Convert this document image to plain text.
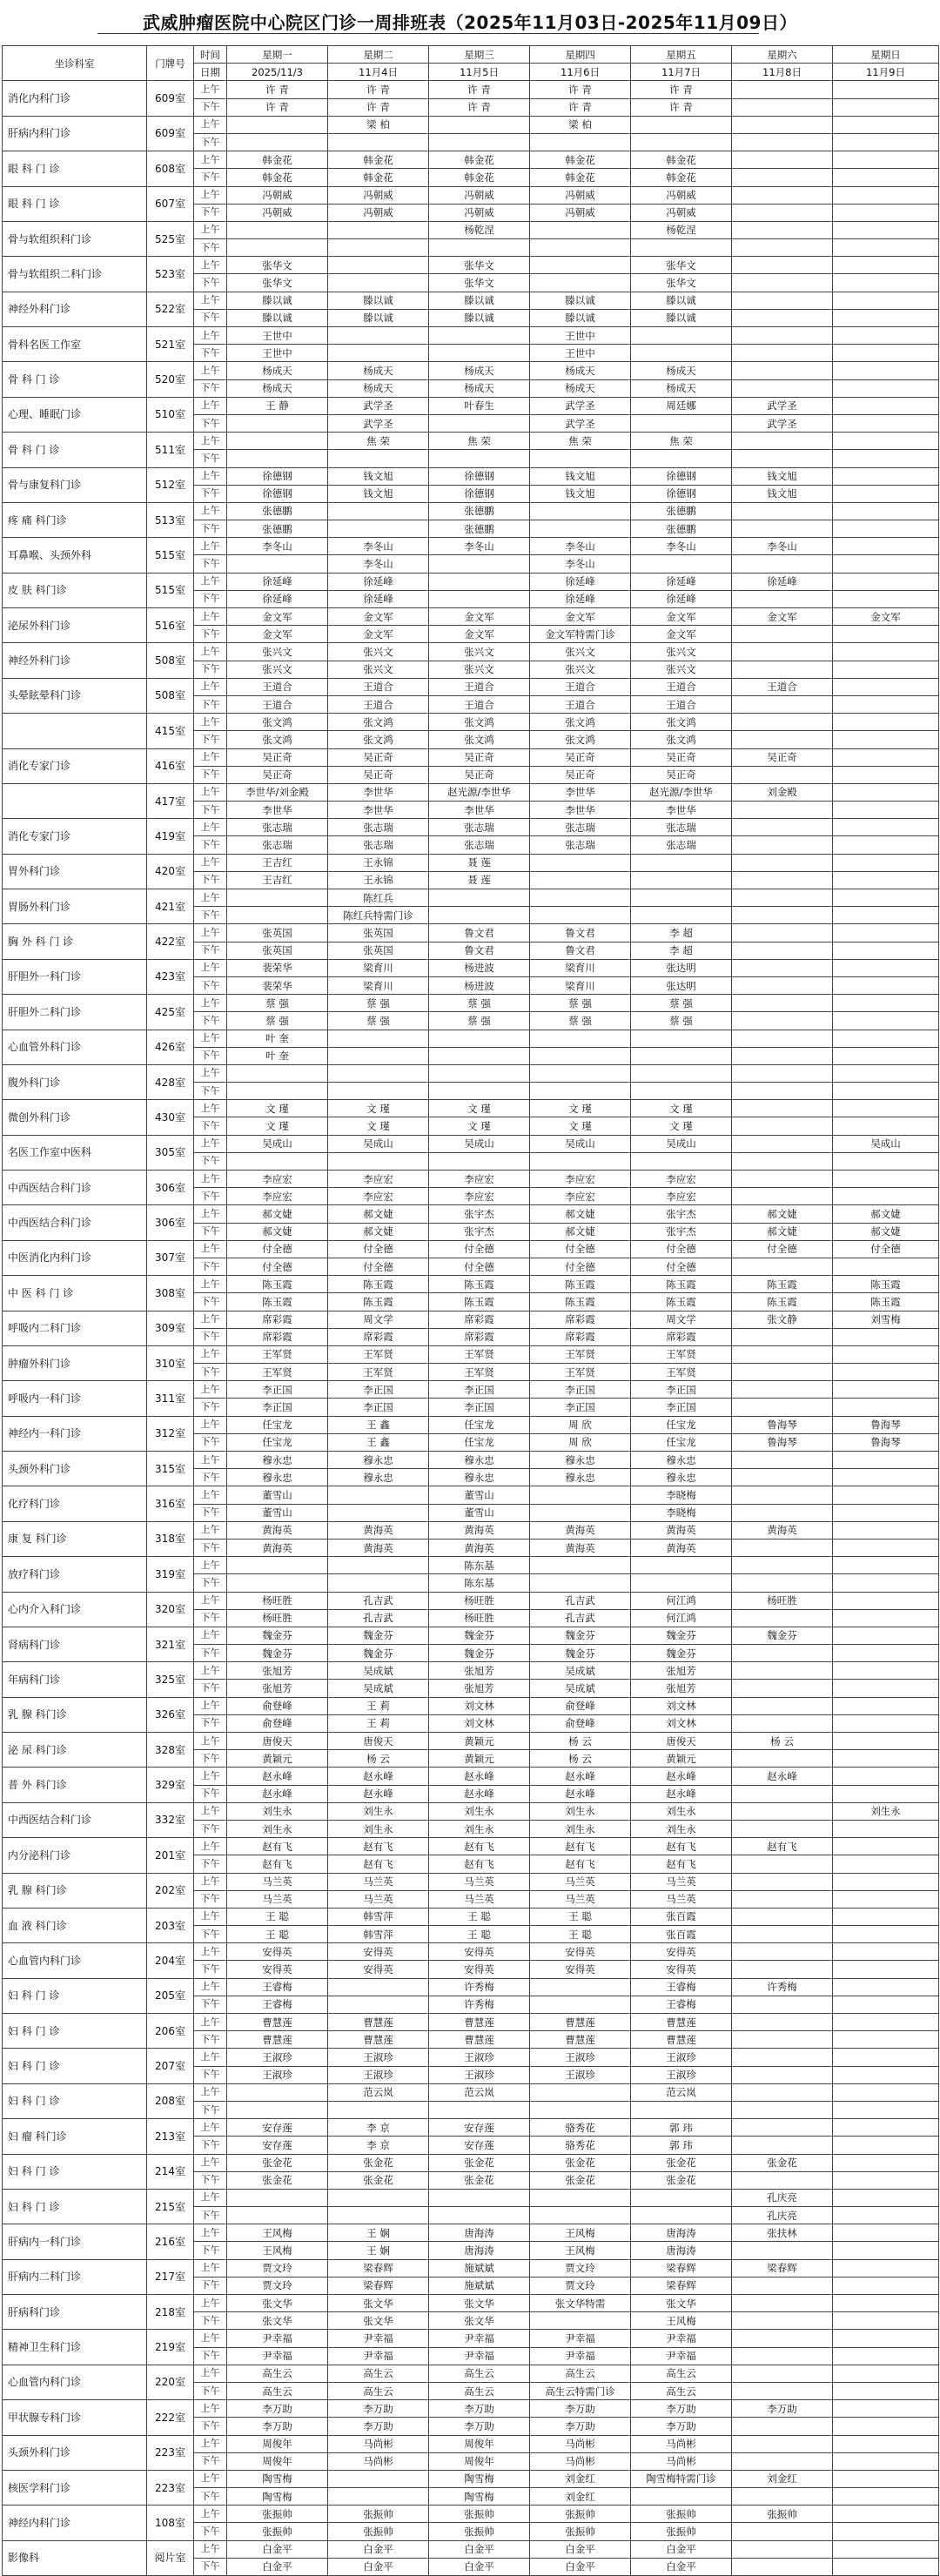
武威肿瘤医院中心院区门诊一周排班表（2025年11月03日-2025年11月09日）
坐诊科室	门牌号	时间	星期一	星期二	星期三	星期四	星期五	星期六	星期日
		日期	2025/11/3	11月4日	11月5日	11月6日	11月7日	11月8日	11月9日
消化内科门诊	609室	上午	许 青	许 青	许 青	许 青	许 青		
		下午	许 青	许 青	许 青	许 青	许 青		
肝病内科门诊	609室	上午		梁 柏		梁 柏			
		下午							
眼 科 门 诊	608室	上午	韩金花	韩金花	韩金花	韩金花	韩金花		
		下午	韩金花	韩金花	韩金花	韩金花	韩金花		
眼 科 门 诊	607室	上午	冯朝威	冯朝威	冯朝威	冯朝威	冯朝威		
		下午	冯朝威	冯朝威	冯朝威	冯朝威	冯朝威		
骨与软组织科门诊	525室	上午			杨乾涅		杨乾涅		
		下午							
骨与软组织二科门诊	523室	上午	张华文		张华文		张华文		
		下午	张华文		张华文		张华文		
神经外科门诊	522室	上午	滕以诚	滕以诚	滕以诚	滕以诚	滕以诚		
		下午	滕以诚	滕以诚	滕以诚	滕以诚	滕以诚		
骨科名医工作室	521室	上午	王世中			王世中			
		下午	王世中			王世中			
骨 科 门 诊	520室	上午	杨成天	杨成天	杨成天	杨成天	杨成天		
		下午	杨成天	杨成天	杨成天	杨成天	杨成天		
心理、睡眠门诊	510室	上午	王 静	武学圣	叶春生	武学圣	周廷娜	武学圣	
		下午		武学圣		武学圣		武学圣	
骨 科 门 诊	511室	上午		焦 荣	焦 荣	焦 荣	焦 荣		
		下午							
骨与康复科门诊	512室	上午	徐德钢	钱文旭	徐德钢	钱文旭	徐德钢	钱文旭	
		下午	徐德钢	钱文旭	徐德钢	钱文旭	徐德钢	钱文旭	
疼 痛 科门诊	513室	上午	张德鹏		张德鹏		张德鹏		
		下午	张德鹏		张德鹏		张德鹏		
耳鼻喉、头颈外科	515室	上午	李冬山	李冬山	李冬山	李冬山	李冬山	李冬山	
		下午		李冬山		李冬山			
皮 肤 科门诊	515室	上午	徐延峰	徐延峰		徐延峰	徐延峰	徐延峰	
		下午	徐延峰	徐延峰		徐延峰	徐延峰		
泌尿外科门诊	516室	上午	金文军	金文军	金文军	金文军	金文军	金文军	金文军
		下午	金文军	金文军	金文军	金文军特需门诊	金文军		
神经外科门诊	508室	上午	张兴文	张兴文	张兴文	张兴文	张兴文		
		下午	张兴文	张兴文	张兴文	张兴文	张兴文		
头晕眩晕科门诊	508室	上午	王道合	王道合	王道合	王道合	王道合	王道合	
		下午	王道合	王道合	王道合	王道合	王道合		
	415室	上午	张文鸿	张文鸿	张文鸿	张文鸿	张文鸿		
		下午	张文鸿	张文鸿	张文鸿	张文鸿	张文鸿		
消化专家门诊	416室	上午	吴正奇	吴正奇	吴正奇	吴正奇	吴正奇	吴正奇	
		下午	吴正奇	吴正奇	吴正奇	吴正奇	吴正奇		
	417室	上午	李世华/刘金殿	李世华	赵光源/李世华	李世华	赵光源/李世华	刘金殿	
		下午	李世华	李世华	李世华	李世华	李世华		
消化专家门诊	419室	上午	张志瑞	张志瑞	张志瑞	张志瑞	张志瑞		
		下午	张志瑞	张志瑞	张志瑞	张志瑞	张志瑞		
胃外科门诊	420室	上午	王吉红	王永锦	聂 莲				
		下午	王吉红	王永锦	聂 莲				
胃肠外科门诊	421室	上午		陈红兵					
		下午		陈红兵特需门诊					
胸 外 科 门 诊	422室	上午	张英国	张英国	鲁文君	鲁文君	李 超		
		下午	张英国	张英国	鲁文君	鲁文君	李 超		
肝胆外一科门诊	423室	上午	裴荣华	梁育川	杨进波	梁育川	张达明		
		下午	裴荣华	梁育川	杨进波	梁育川	张达明		
肝胆外二科门诊	425室	上午	蔡 强	蔡 强	蔡 强	蔡 强	蔡 强		
		下午	蔡 强	蔡 强	蔡 强	蔡 强	蔡 强		
心血管外科门诊	426室	上午	叶 奎						
		下午	叶 奎						
腹外科门诊	428室	上午							
		下午							
微创外科门诊	430室	上午	文 瑾	文 瑾	文 瑾	文 瑾	文 瑾		
		下午	文 瑾	文 瑾	文 瑾	文 瑾	文 瑾		
名医工作室中医科	305室	上午	吴成山	吴成山	吴成山	吴成山	吴成山		吴成山
		下午							
中西医结合科门诊	306室	上午	李应宏	李应宏	李应宏	李应宏	李应宏		
		下午	李应宏	李应宏	李应宏	李应宏	李应宏		
中西医结合科门诊	306室	上午	郝文婕	郝文婕	张宇杰	郝文婕	张宇杰	郝文婕	郝文婕
		下午	郝文婕	郝文婕	张宇杰	郝文婕	张宇杰	郝文婕	郝文婕
中医消化内科门诊	307室	上午	付全德	付全德	付全德	付全德	付全德	付全德	付全德
		下午	付全德	付全德	付全德	付全德	付全德		
中 医 科 门 诊	308室	上午	陈玉霞	陈玉霞	陈玉霞	陈玉霞	陈玉霞	陈玉霞	陈玉霞
		下午	陈玉霞	陈玉霞	陈玉霞	陈玉霞	陈玉霞	陈玉霞	陈玉霞
呼吸内二科门诊	309室	上午	席彩霞	周文学	席彩霞	席彩霞	周文学	张文静	刘雪梅
		下午	席彩霞	席彩霞	席彩霞	席彩霞	席彩霞		
肿瘤外科门诊	310室	上午	王军贤	王军贤	王军贤	王军贤	王军贤		
		下午	王军贤	王军贤	王军贤	王军贤	王军贤		
呼吸内一科门诊	311室	上午	李正国	李正国	李正国	李正国	李正国		
		下午	李正国	李正国	李正国	李正国	李正国		
神经内一科门诊	312室	上午	任宝龙	王 鑫	任宝龙	周 欣	任宝龙	鲁海琴	鲁海琴
		下午	任宝龙	王 鑫	任宝龙	周 欣	任宝龙	鲁海琴	鲁海琴
头颈外科门诊	315室	上午	穆永忠	穆永忠	穆永忠	穆永忠	穆永忠		
		下午	穆永忠	穆永忠	穆永忠	穆永忠	穆永忠		
化疗科门诊	316室	上午	董雪山		董雪山		李晓梅		
		下午	董雪山		董雪山		李晓梅		
康 复 科门诊	318室	上午	黄海英	黄海英	黄海英	黄海英	黄海英	黄海英	
		下午	黄海英	黄海英	黄海英	黄海英	黄海英		
放疗科门诊	319室	上午			陈东基				
		下午			陈东基				
心内介入科门诊	320室	上午	杨旺胜	孔吉武	杨旺胜	孔吉武	何江鸿	杨旺胜	
		下午	杨旺胜	孔吉武	杨旺胜	孔吉武	何江鸿		
肾病科门诊	321室	上午	魏金芬	魏金芬	魏金芬	魏金芬	魏金芬	魏金芬	
		下午	魏金芬	魏金芬	魏金芬	魏金芬	魏金芬		
年病科门诊	325室	上午	张旭芳	吴成斌	张旭芳	吴成斌	张旭芳		
		下午	张旭芳	吴成斌	张旭芳	吴成斌	张旭芳		
乳 腺 科门诊	326室	上午	俞登峰	王 莉	刘文林	俞登峰	刘文林		
		下午	俞登峰	王 莉	刘文林	俞登峰	刘文林		
泌 尿 科门诊	328室	上午	唐俊天	唐俊天	黄颖元	杨 云	唐俊天	杨 云	
		下午	黄颖元	杨 云	黄颖元	杨 云	黄颖元		
普 外 科门诊	329室	上午	赵永峰	赵永峰	赵永峰	赵永峰	赵永峰	赵永峰	
		下午	赵永峰	赵永峰	赵永峰	赵永峰	赵永峰		
中西医结合科门诊	332室	上午	刘生永	刘生永	刘生永	刘生永	刘生永		刘生永
		下午	刘生永	刘生永	刘生永	刘生永	刘生永		
内分泌科门诊	201室	上午	赵有飞	赵有飞	赵有飞	赵有飞	赵有飞	赵有飞	
		下午	赵有飞	赵有飞	赵有飞	赵有飞	赵有飞		
乳 腺 科门诊	202室	上午	马兰英	马兰英	马兰英	马兰英	马兰英		
		下午	马兰英	马兰英	马兰英	马兰英	马兰英		
血 液 科门诊	203室	上午	王 聪	韩雪萍	王 聪	王 聪	张百霞		
		下午	王 聪	韩雪萍	王 聪	王 聪	张百霞		
心血管内科门诊	204室	上午	安得英	安得英	安得英	安得英	安得英		
		下午	安得英	安得英	安得英	安得英	安得英		
妇 科 门 诊	205室	上午	王睿梅		许秀梅		王睿梅	许秀梅	
		下午	王睿梅		许秀梅		王睿梅		
妇 科 门 诊	206室	上午	曹慧莲	曹慧莲	曹慧莲	曹慧莲	曹慧莲		
		下午	曹慧莲	曹慧莲	曹慧莲	曹慧莲	曹慧莲		
妇 科 门 诊	207室	上午	王淑珍	王淑珍	王淑珍	王淑珍	王淑珍		
		下午	王淑珍	王淑珍	王淑珍	王淑珍	王淑珍		
妇 科 门 诊	208室	上午		范云岚	范云岚		范云岚		
		下午							
妇 瘤 科门诊	213室	上午	安存莲	李 京	安存莲	骆秀花	郭 玮		
		下午	安存莲	李 京	安存莲	骆秀花	郭 玮		
妇 科 门 诊	214室	上午	张金花	张金花	张金花	张金花	张金花	张金花	
		下午	张金花	张金花	张金花	张金花	张金花		
妇 科 门 诊	215室	上午						孔庆亮	
		下午						孔庆亮	
肝病内一科门诊	216室	上午	王风梅	王 娴	唐海涛	王风梅	唐海涛	张扶林	
		下午	王风梅	王 娴	唐海涛	王风梅	唐海涛		
肝病内二科门诊	217室	上午	贾文玲	梁春辉	施斌斌	贾文玲	梁春辉	梁春辉	
		下午	贾文玲	梁春辉	施斌斌	贾文玲	梁春辉		
肝病科门诊	218室	上午	张文华	张文华	张文华	张文华特需	张文华		
		下午	张文华	张文华	张文华		王风梅		
精神卫生科门诊	219室	上午	尹幸福	尹幸福	尹幸福	尹幸福	尹幸福		
		下午	尹幸福	尹幸福	尹幸福	尹幸福	尹幸福		
心血管内科门诊	220室	上午	高生云	高生云	高生云	高生云	高生云		
		下午	高生云	高生云	高生云	高生云特需门诊	高生云		
甲状腺专科门诊	222室	上午	李万助	李万助	李万助	李万助	李万助	李万助	
		下午	李万助	李万助	李万助	李万助	李万助		
头颈外科门诊	223室	上午	周俊年	马尚彬	周俊年	马尚彬	马尚彬		
		下午	周俊年	马尚彬	周俊年	马尚彬	马尚彬		
核医学科门诊	223室	上午	陶雪梅		陶雪梅	刘金红	陶雪梅特需门诊	刘金红	
		下午	陶雪梅		陶雪梅	刘金红			
神经内科门诊	108室	上午	张振帅	张振帅	张振帅	张振帅	张振帅	张振帅	
		下午	张振帅	张振帅	张振帅	张振帅	张振帅		
影像科	阅片室	上午	白金平	白金平	白金平	白金平	白金平		
		下午	白金平	白金平	白金平	白金平	白金平		
